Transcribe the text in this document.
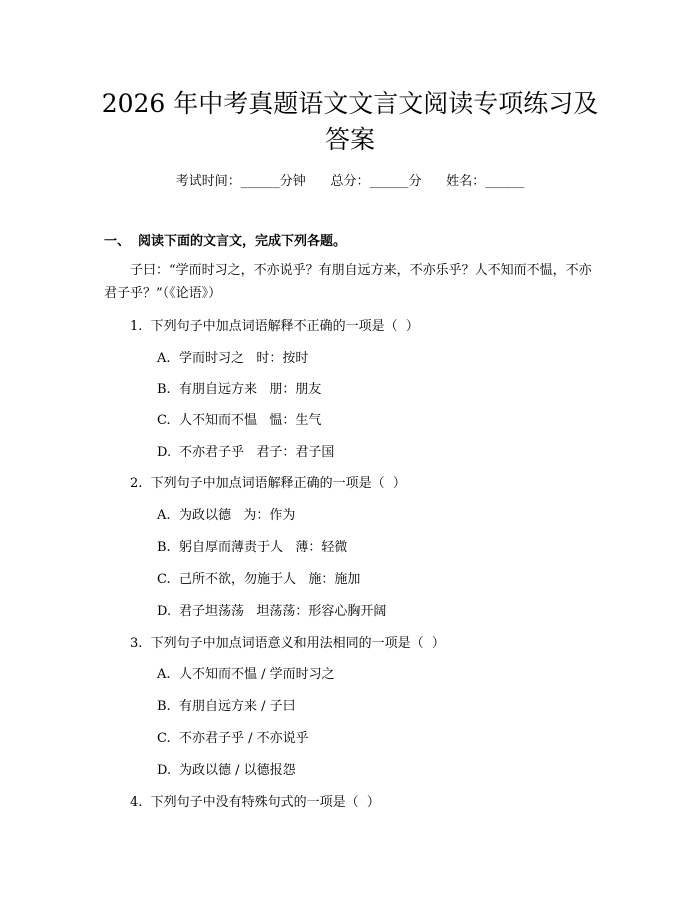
2026 年中考真题语文文言文阅读专项练习及
答案
考试时间：______分钟      总分：______分      姓名：______
一、 阅读下面的文言文，完成下列各题。

子曰：“学而时习之，不亦说乎？有朋自远方来，不亦乐乎？人不知而不愠，不亦君子乎？”（《论语》）

1.  下列句子中加点词语解释不正确的一项是（  ）
A. 学而时习之   时：按时
B. 有朋自远方来   朋：朋友
C. 人不知而不愠   愠：生气
D. 不亦君子乎   君子：君子国
2.  下列句子中加点词语解释正确的一项是（  ）
A. 为政以德   为：作为
B. 躬自厚而薄责于人   薄：轻微
C. 己所不欲，勿施于人   施：施加
D. 君子坦荡荡   坦荡荡：形容心胸开阔
3.  下列句子中加点词语意义和用法相同的一项是（  ）
A. 人不知而不愠 / 学而时习之
B. 有朋自远方来 / 子曰
C. 不亦君子乎 / 不亦说乎
D. 为政以德 / 以德报怨
4.  下列句子中没有特殊句式的一项是（  ）
